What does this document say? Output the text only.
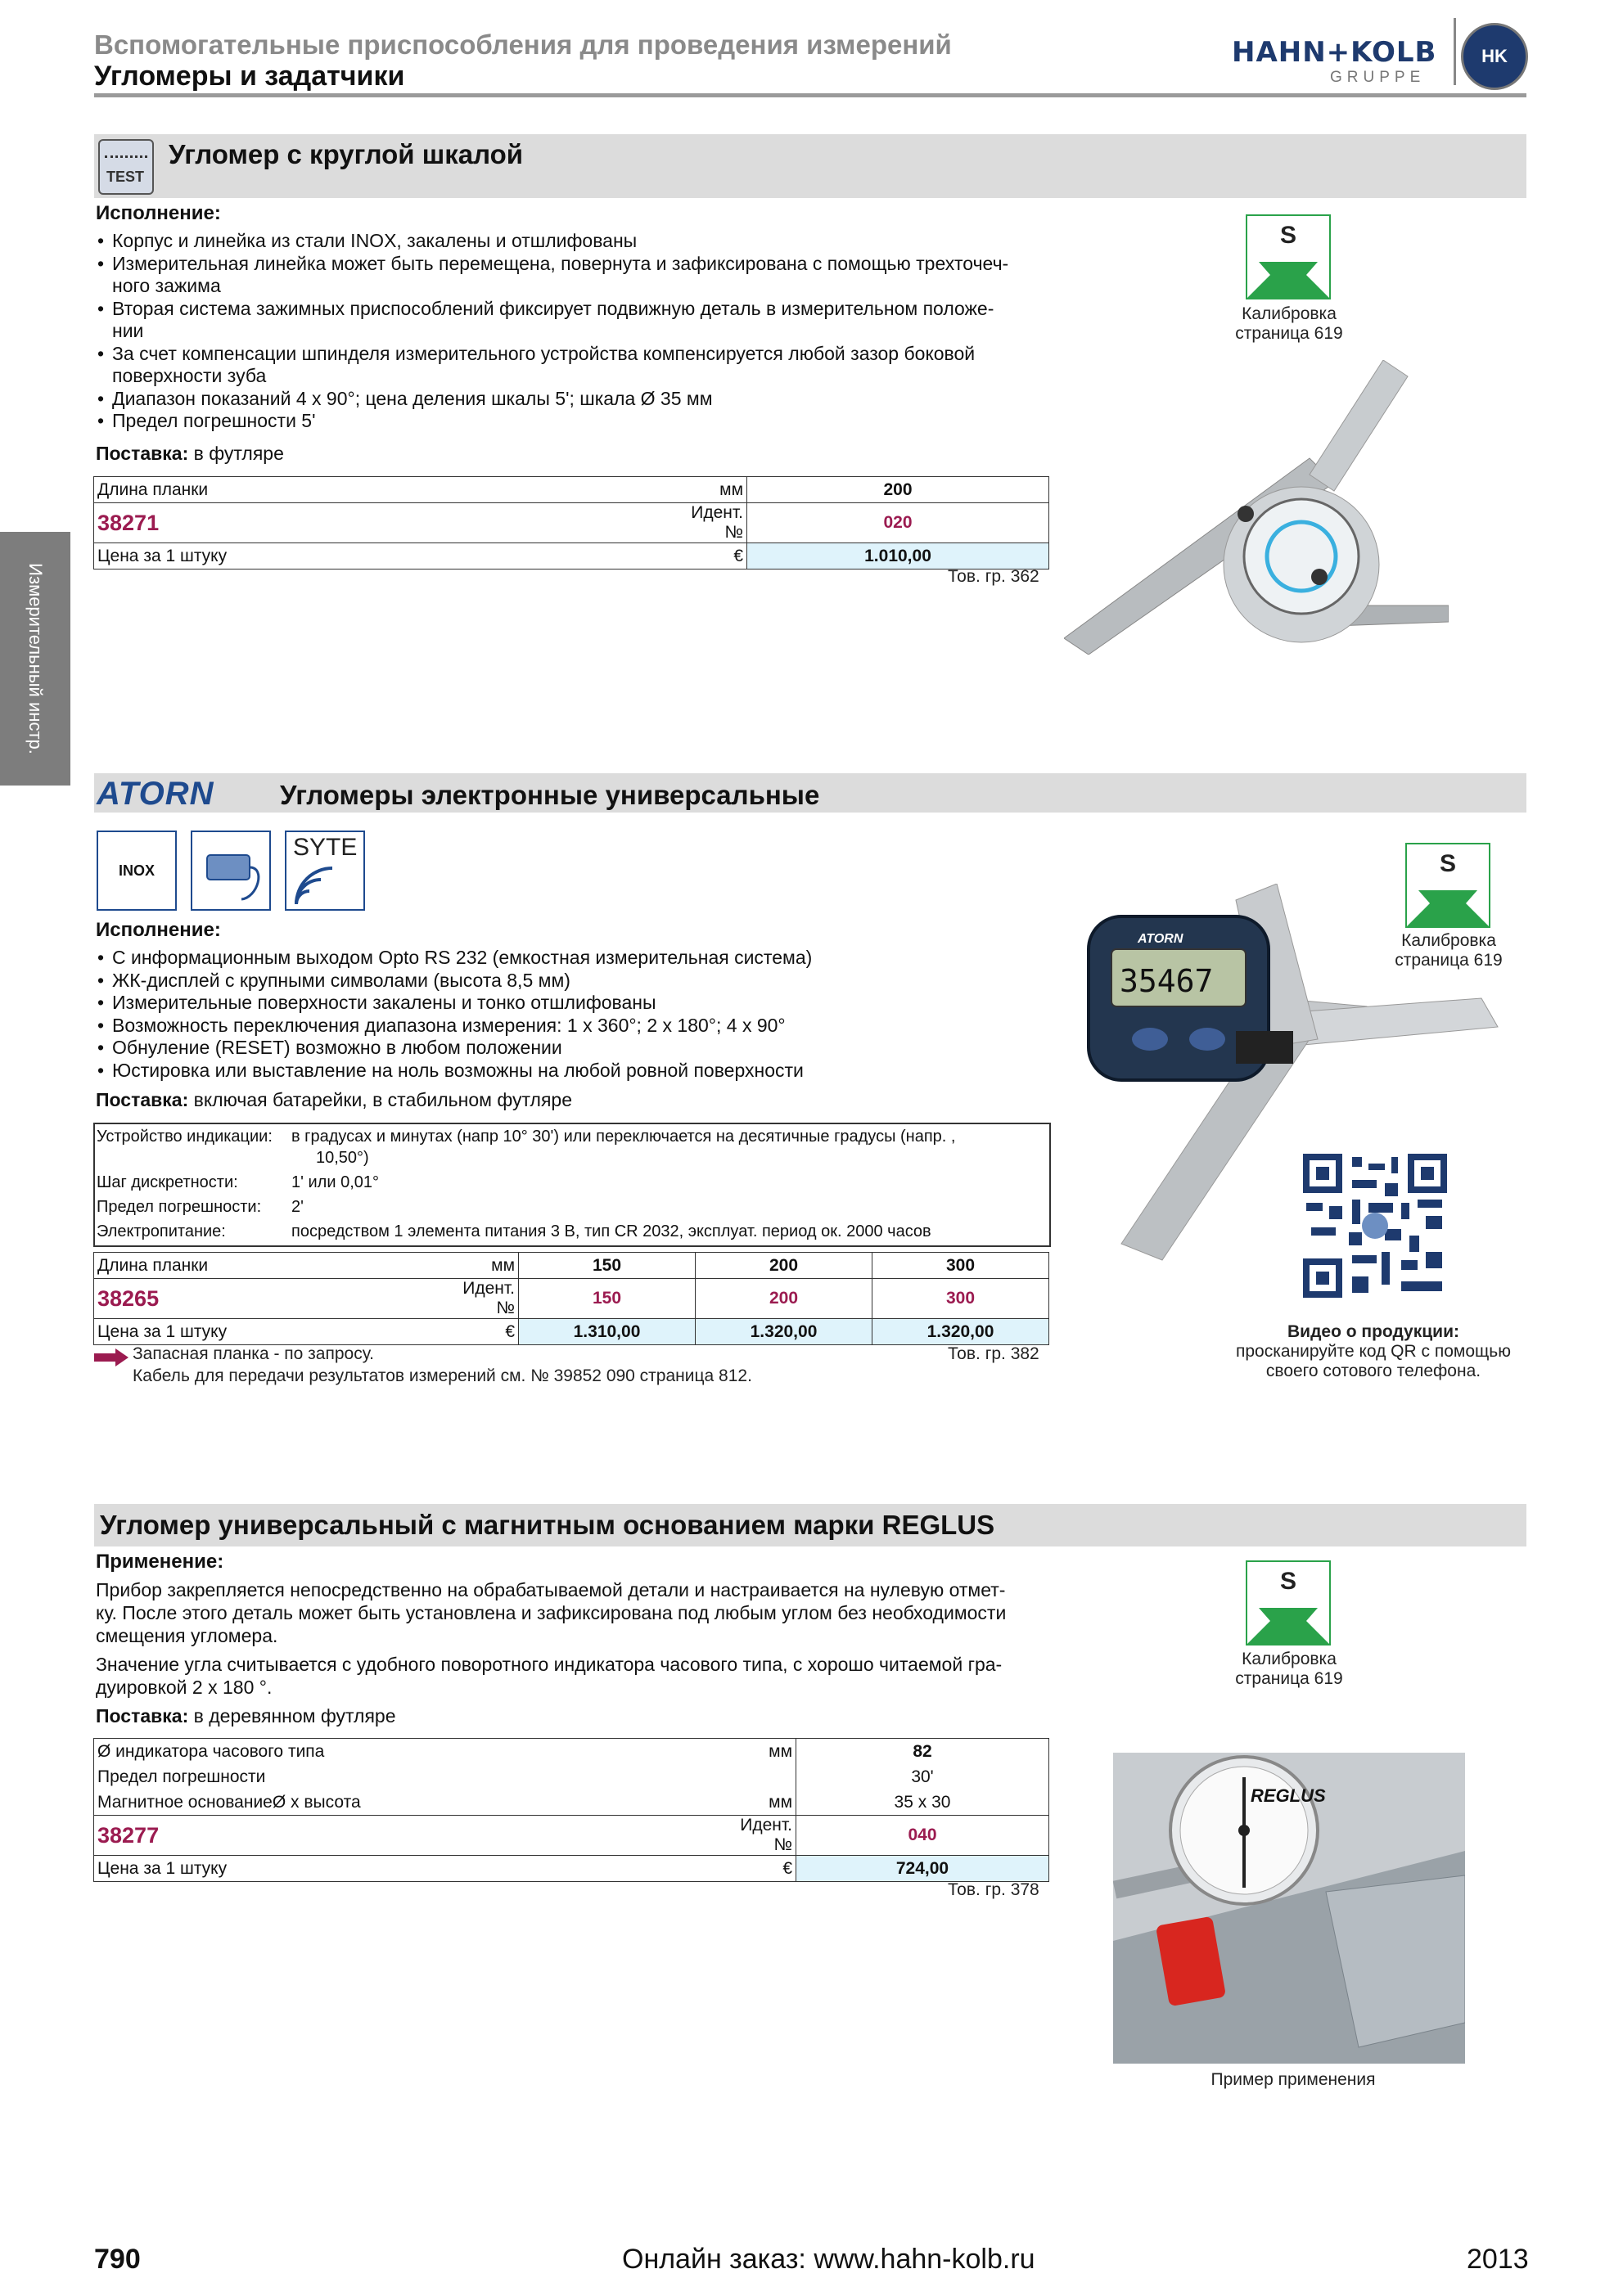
Вспомогательные приспособления для проведения измерений
Угломеры и задатчики
HAHN+KOLB
GRUPPE
HK
Измерительный инстр.
TEST
Угломер с круглой шкалой
Исполнение:
• Корпус и линейка из стали INOX, закалены и отшлифованы
• Измерительная линейка может быть перемещена, повернута и зафиксирована с помощью трехточеч-
ного зажима
• Вторая система зажимных приспособлений фиксирует подвижную деталь в измерительном положе-
нии
• За счет компенсации шпинделя измерительного устройства компенсируется любой зазор боковой
поверхности зуба
• Диапазон показаний 4 x 90°; цена деления шкалы 5'; шкала Ø 35 мм
• Предел погрешности 5'
Поставка: в футляре
Длина планки	мм	200
38271	Идент. №	020
Цена за 1 штуку	€	1.010,00
Тов. гр. 362
S
Калибровка
страница 619
ATORN Угломеры электронные универсальные
INOX
SYTE
Исполнение:
• С информационным выходом Opto RS 232 (емкостная измерительная система)
• ЖК-дисплей с крупными символами (высота 8,5 мм)
• Измерительные поверхности закалены и тонко отшлифованы
• Возможность переключения диапазона измерения: 1 x 360°; 2 x 180°; 4 x 90°
• Обнуление (RESET) возможно в любом положении
• Юстировка или выставление на ноль возможны на любой ровной поверхности
Поставка: включая батарейки, в стабильном футляре
Устройство индикации: в градусах и минутах (напр 10° 30') или переключается на десятичные градусы (напр. ,
10,50°)
Шаг дискретности:	1' или 0,01°
Предел погрешности: 2'
Электропитание:	посредством 1 элемента питания 3 В, тип CR 2032, эксплуат. период ок. 2000 часов
Длина планки	мм	150	200	300
38265	Идент. №	150	200	300
Цена за 1 штуку	€	1.310,00	1.320,00	1.320,00
Запасная планка - по запросу.
Кабель для передачи результатов измерений см. № 39852 090 страница 812.
Тов. гр. 382
S
Калибровка
страница 619
35467
ATORN
Видео о продукции:
просканируйте код QR с помощью
своего сотового телефона.
Угломер универсальный с магнитным основанием марки REGLUS
Применение:
Прибор закрепляется непосредственно на обрабатываемой детали и настраивается на нулевую отмет-
ку. После этого деталь может быть установлена и зафиксирована под любым углом без необходимости
смещения угломера.
Значение угла считывается с удобного поворотного индикатора часового типа, с хорошо читаемой гра-
дуировкой 2 x 180 °.
Поставка: в деревянном футляре
Ø индикатора часового типа	мм	82
Предел погрешности		30'
Магнитное основаниеØ x высота	мм	35 x 30
38277	Идент. №	040
Цена за 1 штуку	€	724,00
Тов. гр. 378
S
Калибровка
страница 619
REGLUS
Пример применения
790	Онлайн заказ: www.hahn-kolb.ru	2013
